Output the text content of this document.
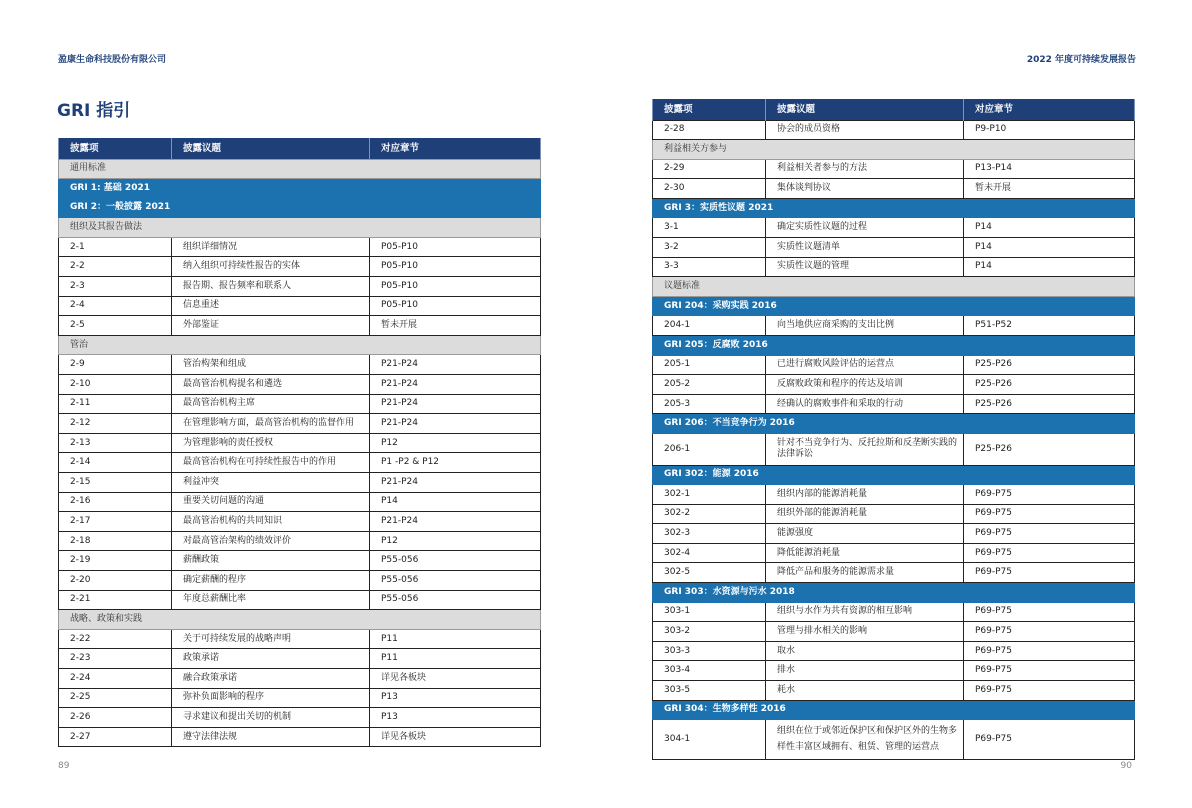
盈康生命科技股份有限公司	2022 年度可持续发展报告
GRI 指引
披露项	披露议题	对应章节
通用标准		
GRI 1: 基础 2021		
GRI 2：一般披露 2021		
组织及其报告做法		
2-1	组织详细情况	P05-P10
2-2	纳入组织可持续性报告的实体	P05-P10
2-3	报告期、报告频率和联系人	P05-P10
2-4	信息重述	P05-P10
2-5	外部鉴证	暂未开展
管治		
2-9	管治构架和组成	P21-P24
2-10	最高管治机构提名和遴选	P21-P24
2-11	最高管治机构主席	P21-P24
2-12	在管理影响方面，最高管治机构的监督作用	P21-P24
2-13	为管理影响的责任授权	P12
2-14	最高管治机构在可持续性报告中的作用	P1 -P2 & P12
2-15	利益冲突	P21-P24
2-16	重要关切问题的沟通	P14
2-17	最高管治机构的共同知识	P21-P24
2-18	对最高管治架构的绩效评价	P12
2-19	薪酬政策	P55-056
2-20	确定薪酬的程序	P55-056
2-21	年度总薪酬比率	P55-056
战略、政策和实践		
2-22	关于可持续发展的战略声明	P11
2-23	政策承诺	P11
2-24	融合政策承诺	详见各板块
2-25	弥补负面影响的程序	P13
2-26	寻求建议和提出关切的机制	P13
2-27	遵守法律法规	详见各板块
披露项	披露议题	对应章节
2-28	协会的成员资格	P9-P10
利益相关方参与		
2-29	利益相关者参与的方法	P13-P14
2-30	集体谈判协议	暂未开展
GRI 3：实质性议题 2021		
3-1	确定实质性议题的过程	P14
3-2	实质性议题清单	P14
3-3	实质性议题的管理	P14
议题标准		
GRI 204：采购实践 2016		
204-1	向当地供应商采购的支出比例	P51-P52
GRI 205：反腐败 2016		
205-1	已进行腐败风险评估的运营点	P25-P26
205-2	反腐败政策和程序的传达及培训	P25-P26
205-3	经确认的腐败事件和采取的行动	P25-P26
GRI 206：不当竞争行为 2016		
206-1	针对不当竞争行为、反托拉斯和反垄断实践的法律诉讼	P25-P26
GRI 302：能源 2016		
302-1	组织内部的能源消耗量	P69-P75
302-2	组织外部的能源消耗量	P69-P75
302-3	能源强度	P69-P75
302-4	降低能源消耗量	P69-P75
302-5	降低产品和服务的能源需求量	P69-P75
GRI 303：水资源与污水 2018		
303-1	组织与水作为共有资源的相互影响	P69-P75
303-2	管理与排水相关的影响	P69-P75
303-3	取水	P69-P75
303-4	排水	P69-P75
303-5	耗水	P69-P75
GRI 304：生物多样性 2016		
304-1	组织在位于或邻近保护区和保护区外的生物多样性丰富区域拥有、租赁、管理的运营点	P69-P75
89	90
